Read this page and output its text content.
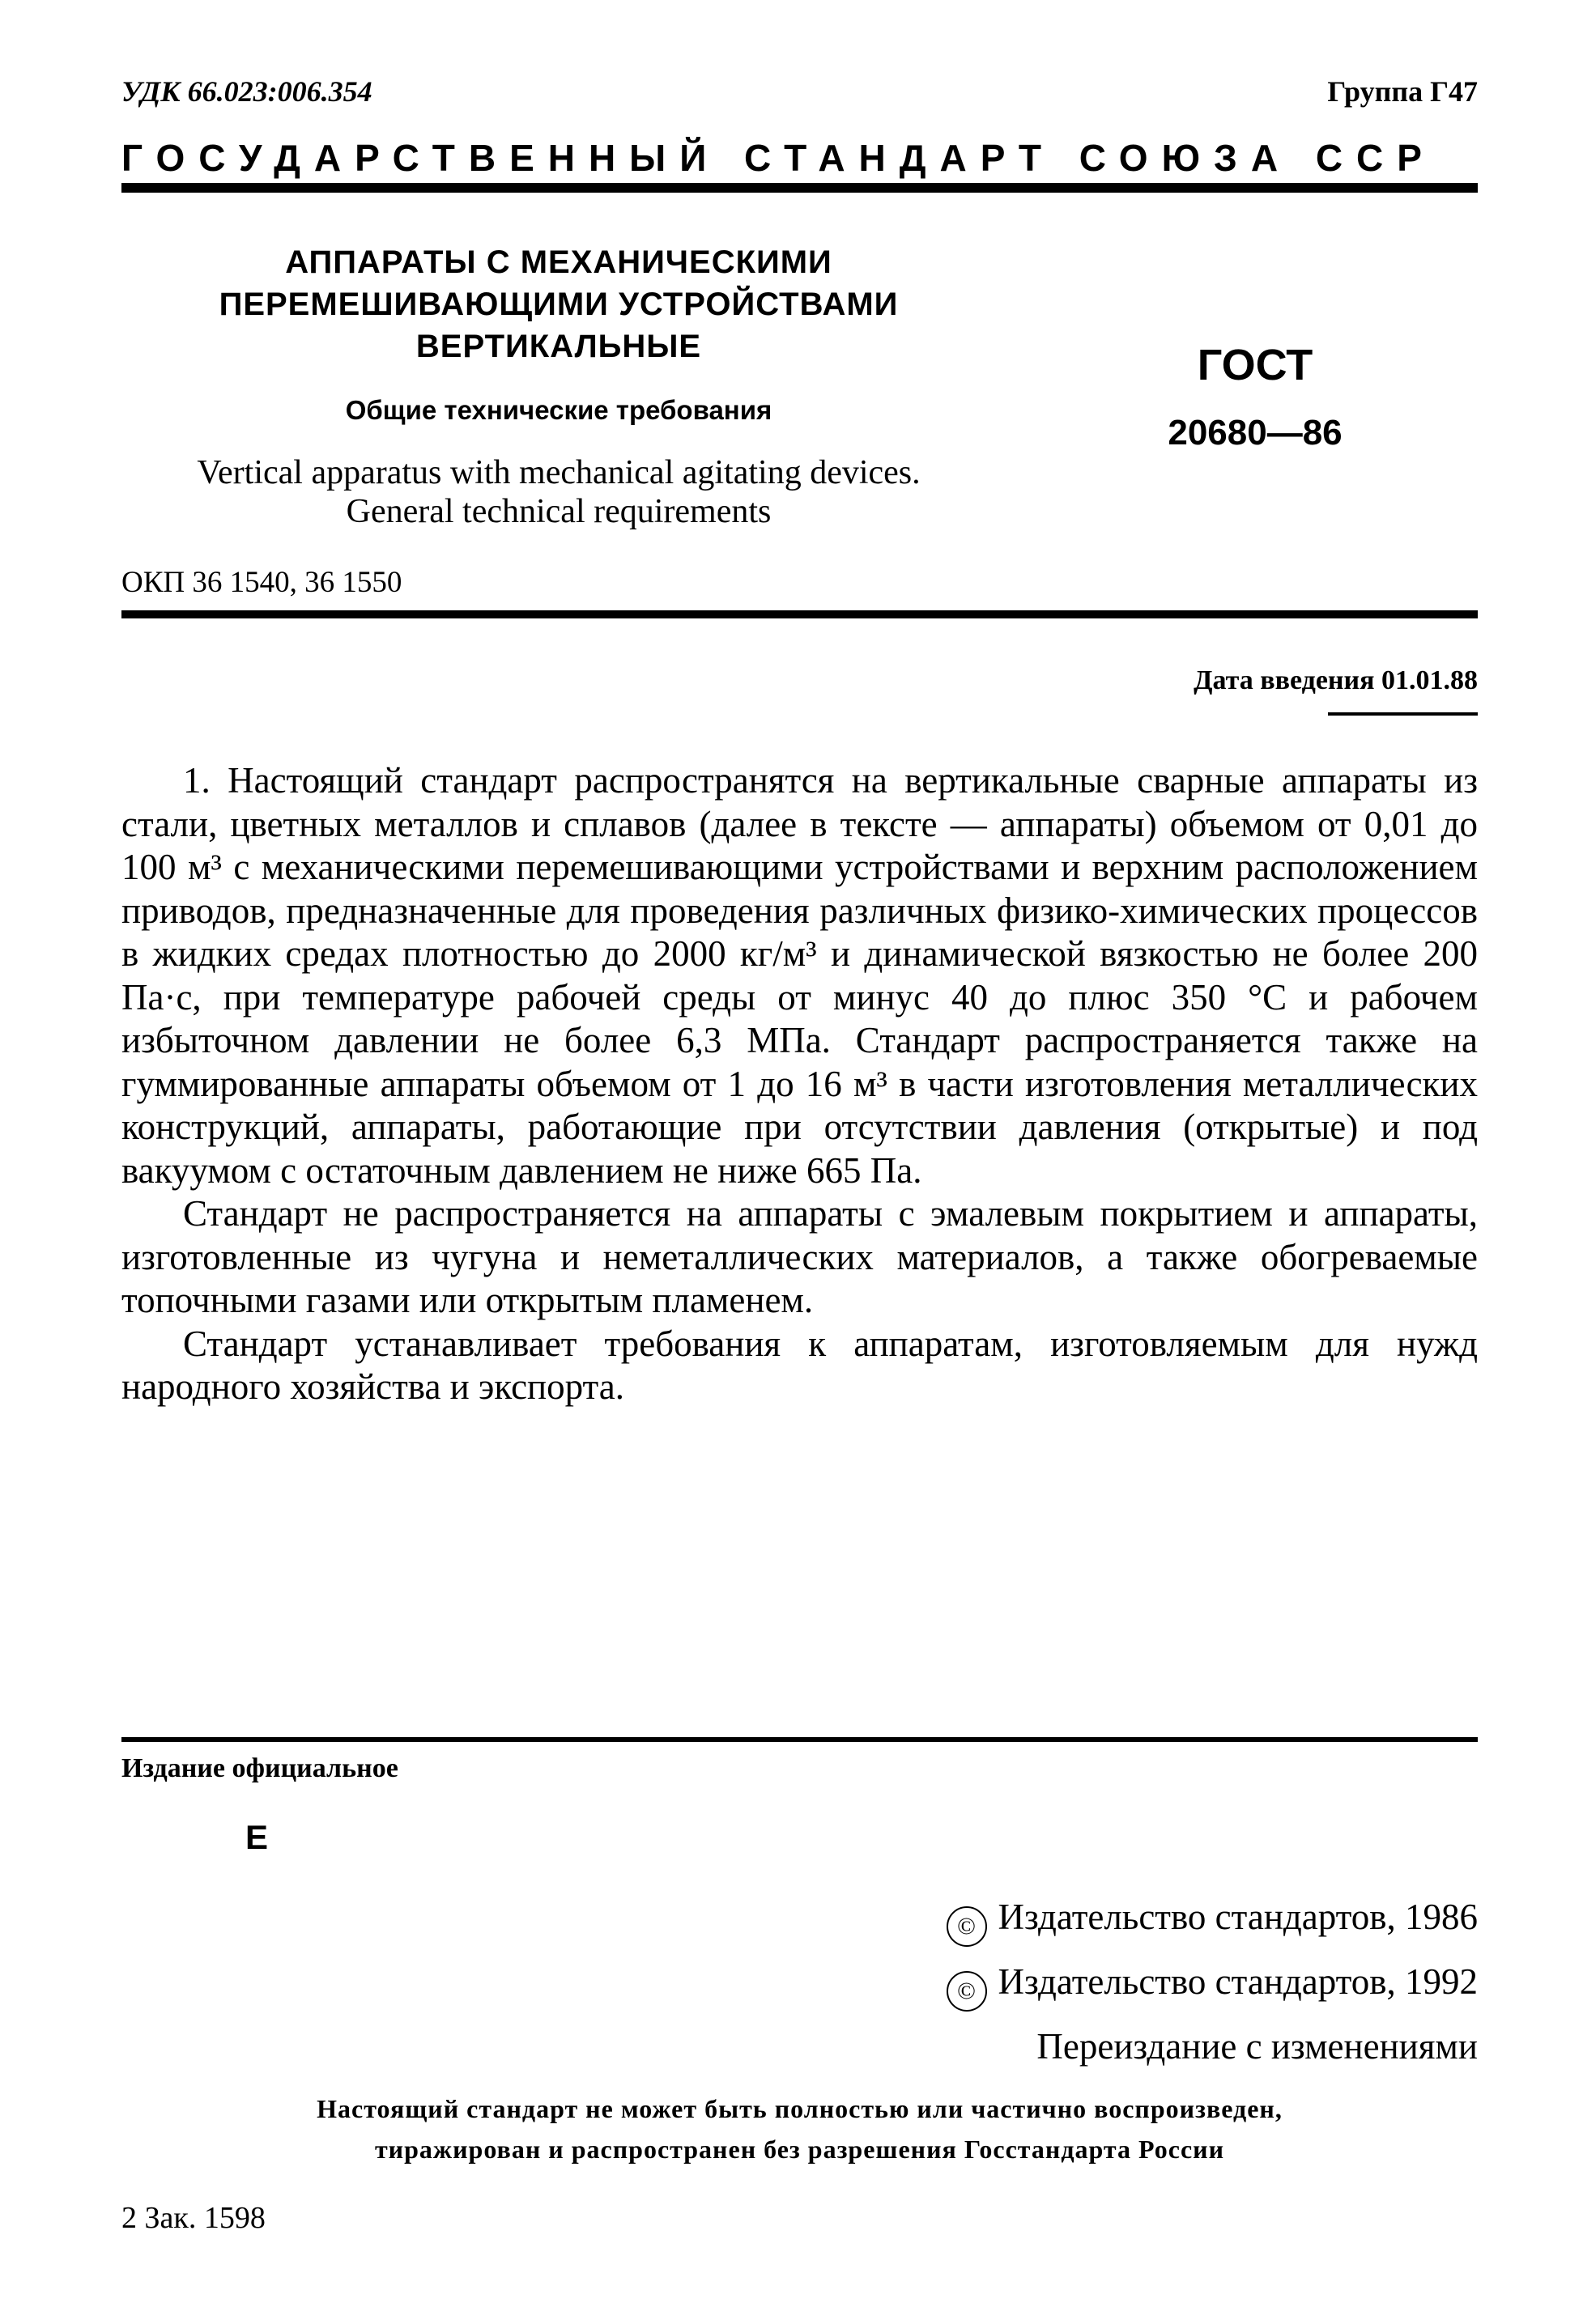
УДК 66.023:006.354	Группа Г47
ГОСУДАРСТВЕННЫЙ СТАНДАРТ СОЮЗА ССР
АППАРАТЫ С МЕХАНИЧЕСКИМИ
ПЕРЕМЕШИВАЮЩИМИ УСТРОЙСТВАМИ
ВЕРТИКАЛЬНЫЕ
Общие технические требования
Vertical apparatus with mechanical agitating devices.
General technical requirements
ГОСТ
20680—86
ОКП 36 1540, 36 1550
Дата введения 01.01.88

1. Настоящий стандарт распространятся на вертикальные сварные аппараты из стали, цветных металлов и сплавов (далее в тексте — аппараты) объемом от 0,01 до 100 м³ с механическими перемешивающими устройствами и верхним расположением приводов, предназначенные для проведения различных физико-химических процессов в жидких средах плотностью до 2000 кг/м³ и динамической вязкостью не более 200 Па·с, при температуре рабочей среды от минус 40 до плюс 350 °С и рабочем избыточном давлении не более 6,3 МПа. Стандарт распространяется также на гуммированные аппараты объемом от 1 до 16 м³ в части изготовления металлических конструкций, аппараты, работающие при отсутствии давления (открытые) и под вакуумом с остаточным давлением не ниже 665 Па.

Стандарт не распространяется на аппараты с эмалевым покрытием и аппараты, изготовленные из чугуна и неметаллических материалов, а также обогреваемые топочными газами или открытым пламенем.

Стандарт устанавливает требования к аппаратам, изготовляемым для нужд народного хозяйства и экспорта.

Издание официальное
Е
© Издательство стандартов, 1986
© Издательство стандартов, 1992
Переиздание с изменениями
Настоящий стандарт не может быть полностью или частично воспроизведен,
тиражирован и распространен без разрешения Госстандарта России
2 Зак. 1598
